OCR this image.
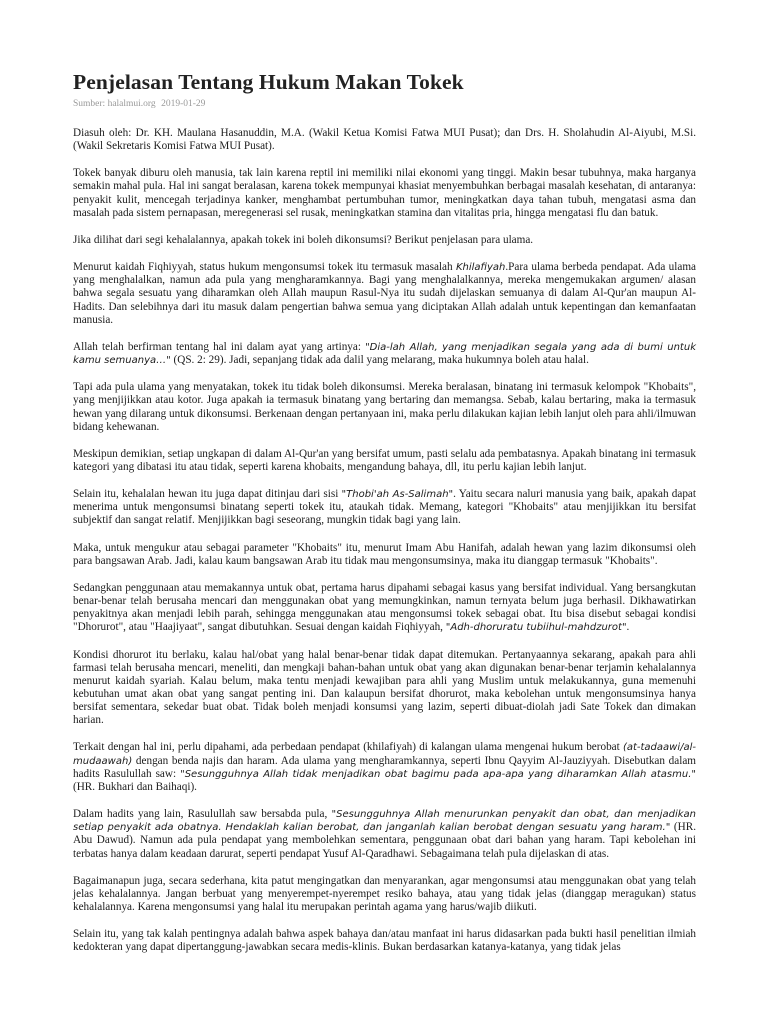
Penjelasan Tentang Hukum Makan Tokek
Sumber: halalmui.org 2019-01-29

Diasuh oleh: Dr. KH. Maulana Hasanuddin, M.A. (Wakil Ketua Komisi Fatwa MUI Pusat); dan Drs. H. Sholahudin Al-Aiyubi, M.Si. (Wakil Sekretaris Komisi Fatwa MUI Pusat).

Tokek banyak diburu oleh manusia, tak lain karena reptil ini memiliki nilai ekonomi yang tinggi. Makin besar tubuhnya, maka harganya semakin mahal pula. Hal ini sangat beralasan, karena tokek mempunyai khasiat menyembuhkan berbagai masalah kesehatan, di antaranya: penyakit kulit, mencegah terjadinya kanker, menghambat pertumbuhan tumor, meningkatkan daya tahan tubuh, mengatasi asma dan masalah pada sistem pernapasan, meregenerasi sel rusak, meningkatkan stamina dan vitalitas pria, hingga mengatasi flu dan batuk.

Jika dilihat dari segi kehalalannya, apakah tokek ini boleh dikonsumsi? Berikut penjelasan para ulama.

Menurut kaidah Fiqhiyyah, status hukum mengonsumsi tokek itu termasuk masalah Khilafiyah.Para ulama berbeda pendapat. Ada ulama yang menghalalkan, namun ada pula yang mengharamkannya. Bagi yang menghalalkannya, mereka mengemukakan argumen/ alasan bahwa segala sesuatu yang diharamkan oleh Allah maupun Rasul-Nya itu sudah dijelaskan semuanya di dalam Al-Qur'an maupun Al-Hadits. Dan selebihnya dari itu masuk dalam pengertian bahwa semua yang diciptakan Allah adalah untuk kepentingan dan kemanfaatan manusia.

Allah telah berfirman tentang hal ini dalam ayat yang artinya: "Dia-lah Allah, yang menjadikan segala yang ada di bumi untuk kamu semuanya…" (QS. 2: 29). Jadi, sepanjang tidak ada dalil yang melarang, maka hukumnya boleh atau halal.

Tapi ada pula ulama yang menyatakan, tokek itu tidak boleh dikonsumsi. Mereka beralasan, binatang ini termasuk kelompok "Khobaits", yang menjijikkan atau kotor. Juga apakah ia termasuk binatang yang bertaring dan memangsa. Sebab, kalau bertaring, maka ia termasuk hewan yang dilarang untuk dikonsumsi. Berkenaan dengan pertanyaan ini, maka perlu dilakukan kajian lebih lanjut oleh para ahli/ilmuwan bidang kehewanan.

Meskipun demikian, setiap ungkapan di dalam Al-Qur'an yang bersifat umum, pasti selalu ada pembatasnya. Apakah binatang ini termasuk kategori yang dibatasi itu atau tidak, seperti karena khobaits, mengandung bahaya, dll, itu perlu kajian lebih lanjut.

Selain itu, kehalalan hewan itu juga dapat ditinjau dari sisi "Thobi'ah As-Salimah". Yaitu secara naluri manusia yang baik, apakah dapat menerima untuk mengonsumsi binatang seperti tokek itu, ataukah tidak. Memang, kategori "Khobaits" atau menjijikkan itu bersifat subjektif dan sangat relatif. Menjijikkan bagi seseorang, mungkin tidak bagi yang lain.

Maka, untuk mengukur atau sebagai parameter "Khobaits" itu, menurut Imam Abu Hanifah, adalah hewan yang lazim dikonsumsi oleh para bangsawan Arab. Jadi, kalau kaum bangsawan Arab itu tidak mau mengonsumsinya, maka itu dianggap termasuk "Khobaits".

Sedangkan penggunaan atau memakannya untuk obat, pertama harus dipahami sebagai kasus yang bersifat individual. Yang bersangkutan benar-benar telah berusaha mencari dan menggunakan obat yang memungkinkan, namun ternyata belum juga berhasil. Dikhawatirkan penyakitnya akan menjadi lebih parah, sehingga menggunakan atau mengonsumsi tokek sebagai obat. Itu bisa disebut sebagai kondisi "Dhorurot", atau "Haajiyaat", sangat dibutuhkan. Sesuai dengan kaidah Fiqhiyyah, "Adh-dhoruratu tubiihul-mahdzurot".

Kondisi dhorurot itu berlaku, kalau hal/obat yang halal benar-benar tidak dapat ditemukan. Pertanyaannya sekarang, apakah para ahli farmasi telah berusaha mencari, meneliti, dan mengkaji bahan-bahan untuk obat yang akan digunakan benar-benar terjamin kehalalannya menurut kaidah syariah. Kalau belum, maka tentu menjadi kewajiban para ahli yang Muslim untuk melakukannya, guna memenuhi kebutuhan umat akan obat yang sangat penting ini. Dan kalaupun bersifat dhorurot, maka kebolehan untuk mengonsumsinya hanya bersifat sementara, sekedar buat obat. Tidak boleh menjadi konsumsi yang lazim, seperti dibuat-diolah jadi Sate Tokek dan dimakan harian.

Terkait dengan hal ini, perlu dipahami, ada perbedaan pendapat (khilafiyah) di kalangan ulama mengenai hukum berobat (at-tadaawi/al-mudaawah) dengan benda najis dan haram. Ada ulama yang mengharamkannya, seperti Ibnu Qayyim Al-Jauziyyah. Disebutkan dalam hadits Rasulullah saw: "Sesungguhnya Allah tidak menjadikan obat bagimu pada apa-apa yang diharamkan Allah atasmu." (HR. Bukhari dan Baihaqi).

Dalam hadits yang lain, Rasulullah saw bersabda pula, "Sesungguhnya Allah menurunkan penyakit dan obat, dan menjadikan setiap penyakit ada obatnya. Hendaklah kalian berobat, dan janganlah kalian berobat dengan sesuatu yang haram." (HR. Abu Dawud). Namun ada pula pendapat yang membolehkan sementara, penggunaan obat dari bahan yang haram. Tapi kebolehan ini terbatas hanya dalam keadaan darurat, seperti pendapat Yusuf Al-Qaradhawi. Sebagaimana telah pula dijelaskan di atas.

Bagaimanapun juga, secara sederhana, kita patut mengingatkan dan menyarankan, agar mengonsumsi atau menggunakan obat yang telah jelas kehalalannya. Jangan berbuat yang menyerempet-nyerempet resiko bahaya, atau yang tidak jelas (dianggap meragukan) status kehalalannya. Karena mengonsumsi yang halal itu merupakan perintah agama yang harus/wajib diikuti.

Selain itu, yang tak kalah pentingnya adalah bahwa aspek bahaya dan/atau manfaat ini harus didasarkan pada bukti hasil penelitian ilmiah kedokteran yang dapat dipertanggung-jawabkan secara medis-klinis. Bukan berdasarkan katanya-katanya, yang tidak jelas
